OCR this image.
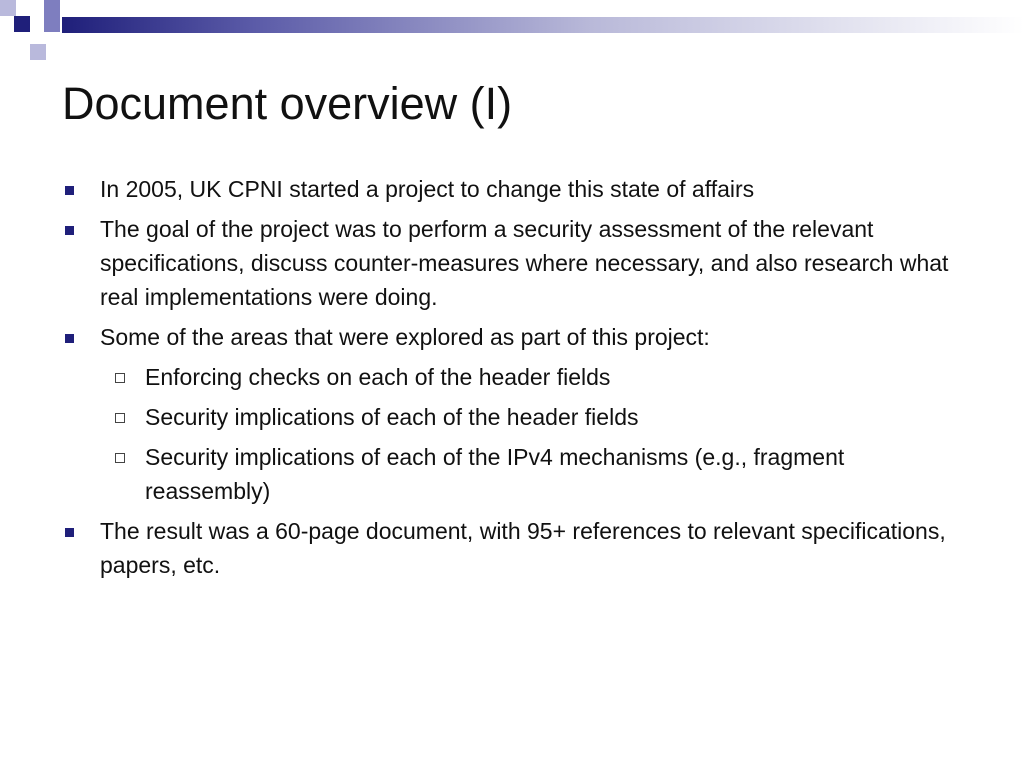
Document overview (I)
In 2005, UK CPNI started a project to change this state of affairs
The goal of the project was to perform a security assessment of the relevant specifications, discuss counter-measures where necessary, and also research what real implementations were doing.
Some of the areas that were explored as part of this project:
Enforcing checks on each of the header fields
Security implications of each of the header fields
Security implications of each of the IPv4 mechanisms (e.g., fragment reassembly)
The result was a 60-page document, with 95+ references to relevant specifications, papers, etc.
